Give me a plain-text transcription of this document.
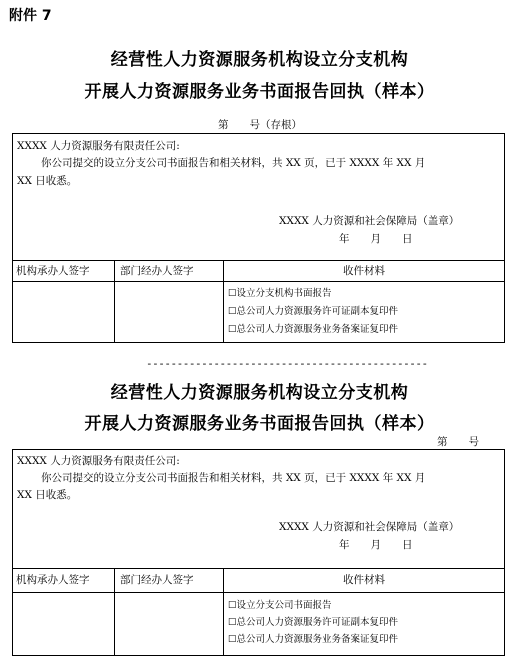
附件 7
经营性人力资源服务机构设立分支机构
开展人力资源服务业务书面报告回执（样本）
第　　号（存根）
XXXX 人力资源服务有限责任公司:
你公司提交的设立分支公司书面报告和相关材料，共 XX 页，已于 XXXX 年 XX 月
XX 日收悉。
XXXX 人力资源和社会保障局（盖章）
年　　月　　日
机构承办人签字	部门经办人签字	收件材料
☐设立分支机构书面报告
☐总公司人力资源服务许可证副本复印件
☐总公司人力资源服务业务备案证复印件
----------------------------------------------
经营性人力资源服务机构设立分支机构
开展人力资源服务业务书面报告回执（样本）
第　　号
XXXX 人力资源服务有限责任公司:
你公司提交的设立分支公司书面报告和相关材料，共 XX 页，已于 XXXX 年 XX 月
XX 日收悉。
XXXX 人力资源和社会保障局（盖章）
年　　月　　日
机构承办人签字	部门经办人签字	收件材料
☐设立分支公司书面报告
☐总公司人力资源服务许可证副本复印件
☐总公司人力资源服务业务备案证复印件
